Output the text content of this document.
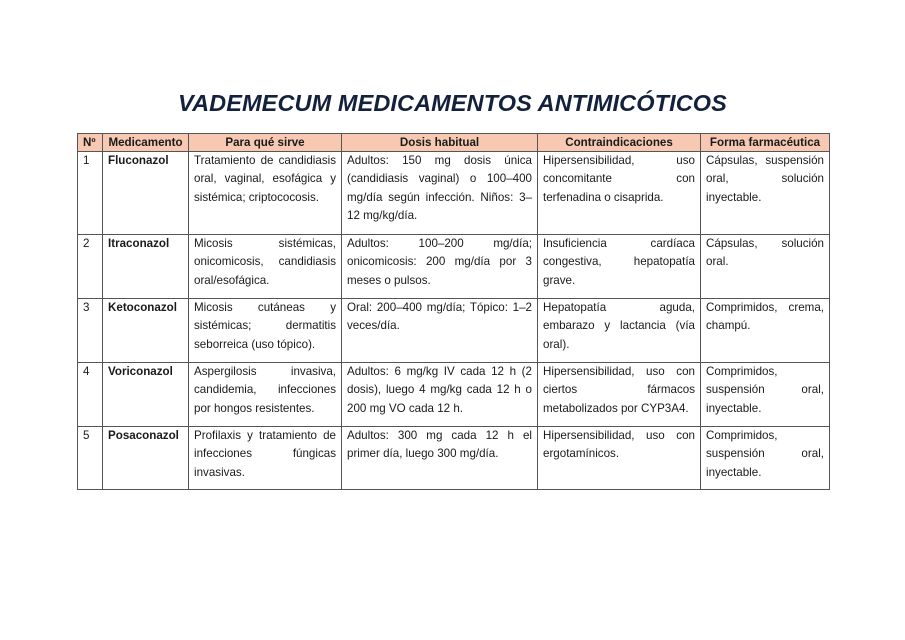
VADEMECUM MEDICAMENTOS ANTIMICÓTICOS
Nº	Medicamento	Para qué sirve	Dosis habitual	Contraindicaciones	Forma farmacéutica
1	Fluconazol	Tratamiento de candidiasis oral, vaginal, esofágica y sistémica; criptococosis.	Adultos: 150 mg dosis única (candidiasis vaginal) o 100–400 mg/día según infección. Niños: 3–12 mg/kg/día.	Hipersensibilidad, uso concomitante con terfenadina o cisaprida.	Cápsulas, suspensión oral, solución inyectable.
2	Itraconazol	Micosis sistémicas, onicomicosis, candidiasis oral/esofágica.	Adultos: 100–200 mg/día; onicomicosis: 200 mg/día por 3 meses o pulsos.	Insuficiencia cardíaca congestiva, hepatopatía grave.	Cápsulas, solución oral.
3	Ketoconazol	Micosis cutáneas y sistémicas; dermatitis seborreica (uso tópico).	Oral: 200–400 mg/día; Tópico: 1–2 veces/día.	Hepatopatía aguda, embarazo y lactancia (vía oral).	Comprimidos, crema, champú.
4	Voriconazol	Aspergilosis invasiva, candidemia, infecciones por hongos resistentes.	Adultos: 6 mg/kg IV cada 12 h (2 dosis), luego 4 mg/kg cada 12 h o 200 mg VO cada 12 h.	Hipersensibilidad, uso con ciertos fármacos metabolizados por CYP3A4.	Comprimidos, suspensión oral, inyectable.
5	Posaconazol	Profilaxis y tratamiento de infecciones fúngicas invasivas.	Adultos: 300 mg cada 12 h el primer día, luego 300 mg/día.	Hipersensibilidad, uso con ergotamínicos.	Comprimidos, suspensión oral, inyectable.
